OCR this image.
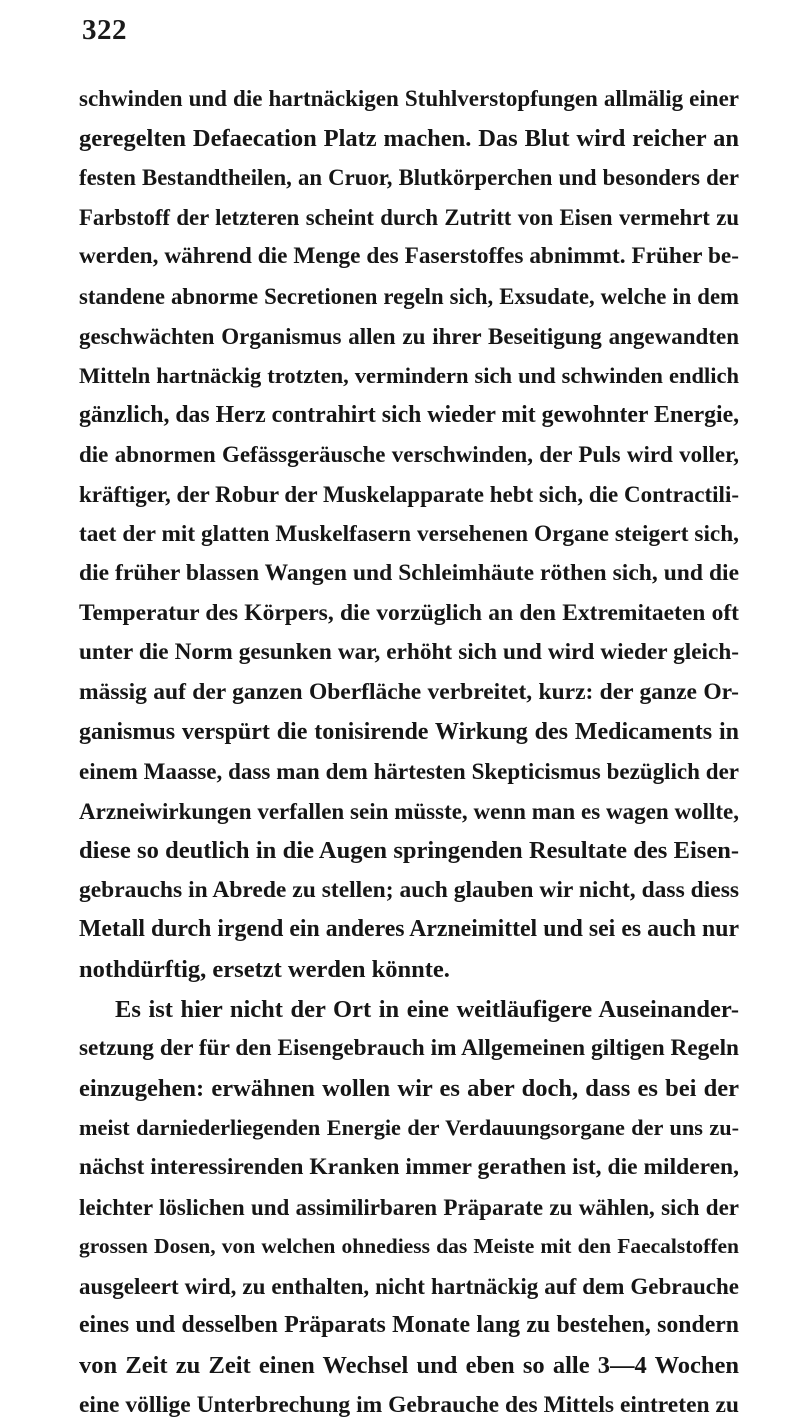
322
schwinden und die hartnäckigen Stuhlverstopfungen allmälig einer
geregelten Defaecation Platz machen. Das Blut wird reicher an
festen Bestandtheilen, an Cruor, Blutkörperchen und besonders der
Farbstoff der letzteren scheint durch Zutritt von Eisen vermehrt zu
werden, während die Menge des Faserstoffes abnimmt. Früher be-
standene abnorme Secretionen regeln sich, Exsudate, welche in dem
geschwächten Organismus allen zu ihrer Beseitigung angewandten
Mitteln hartnäckig trotzten, vermindern sich und schwinden endlich
gänzlich, das Herz contrahirt sich wieder mit gewohnter Energie,
die abnormen Gefässgeräusche verschwinden, der Puls wird voller,
kräftiger, der Robur der Muskelapparate hebt sich, die Contractili-
taet der mit glatten Muskelfasern versehenen Organe steigert sich,
die früher blassen Wangen und Schleimhäute röthen sich, und die
Temperatur des Körpers, die vorzüglich an den Extremitaeten oft
unter die Norm gesunken war, erhöht sich und wird wieder gleich-
mässig auf der ganzen Oberfläche verbreitet, kurz: der ganze Or-
ganismus verspürt die tonisirende Wirkung des Medicaments in
einem Maasse, dass man dem härtesten Skepticismus bezüglich der
Arzneiwirkungen verfallen sein müsste, wenn man es wagen wollte,
diese so deutlich in die Augen springenden Resultate des Eisen-
gebrauchs in Abrede zu stellen; auch glauben wir nicht, dass diess
Metall durch irgend ein anderes Arzneimittel und sei es auch nur
nothdürftig, ersetzt werden könnte.
Es ist hier nicht der Ort in eine weitläufigere Auseinander-
setzung der für den Eisengebrauch im Allgemeinen giltigen Regeln
einzugehen: erwähnen wollen wir es aber doch, dass es bei der
meist darniederliegenden Energie der Verdauungsorgane der uns zu-
nächst interessirenden Kranken immer gerathen ist, die milderen,
leichter löslichen und assimilirbaren Präparate zu wählen, sich der
grossen Dosen, von welchen ohnediess das Meiste mit den Faecalstoffen
ausgeleert wird, zu enthalten, nicht hartnäckig auf dem Gebrauche
eines und desselben Präparats Monate lang zu bestehen, sondern
von Zeit zu Zeit einen Wechsel und eben so alle 3—4 Wochen
eine völlige Unterbrechung im Gebrauche des Mittels eintreten zu
